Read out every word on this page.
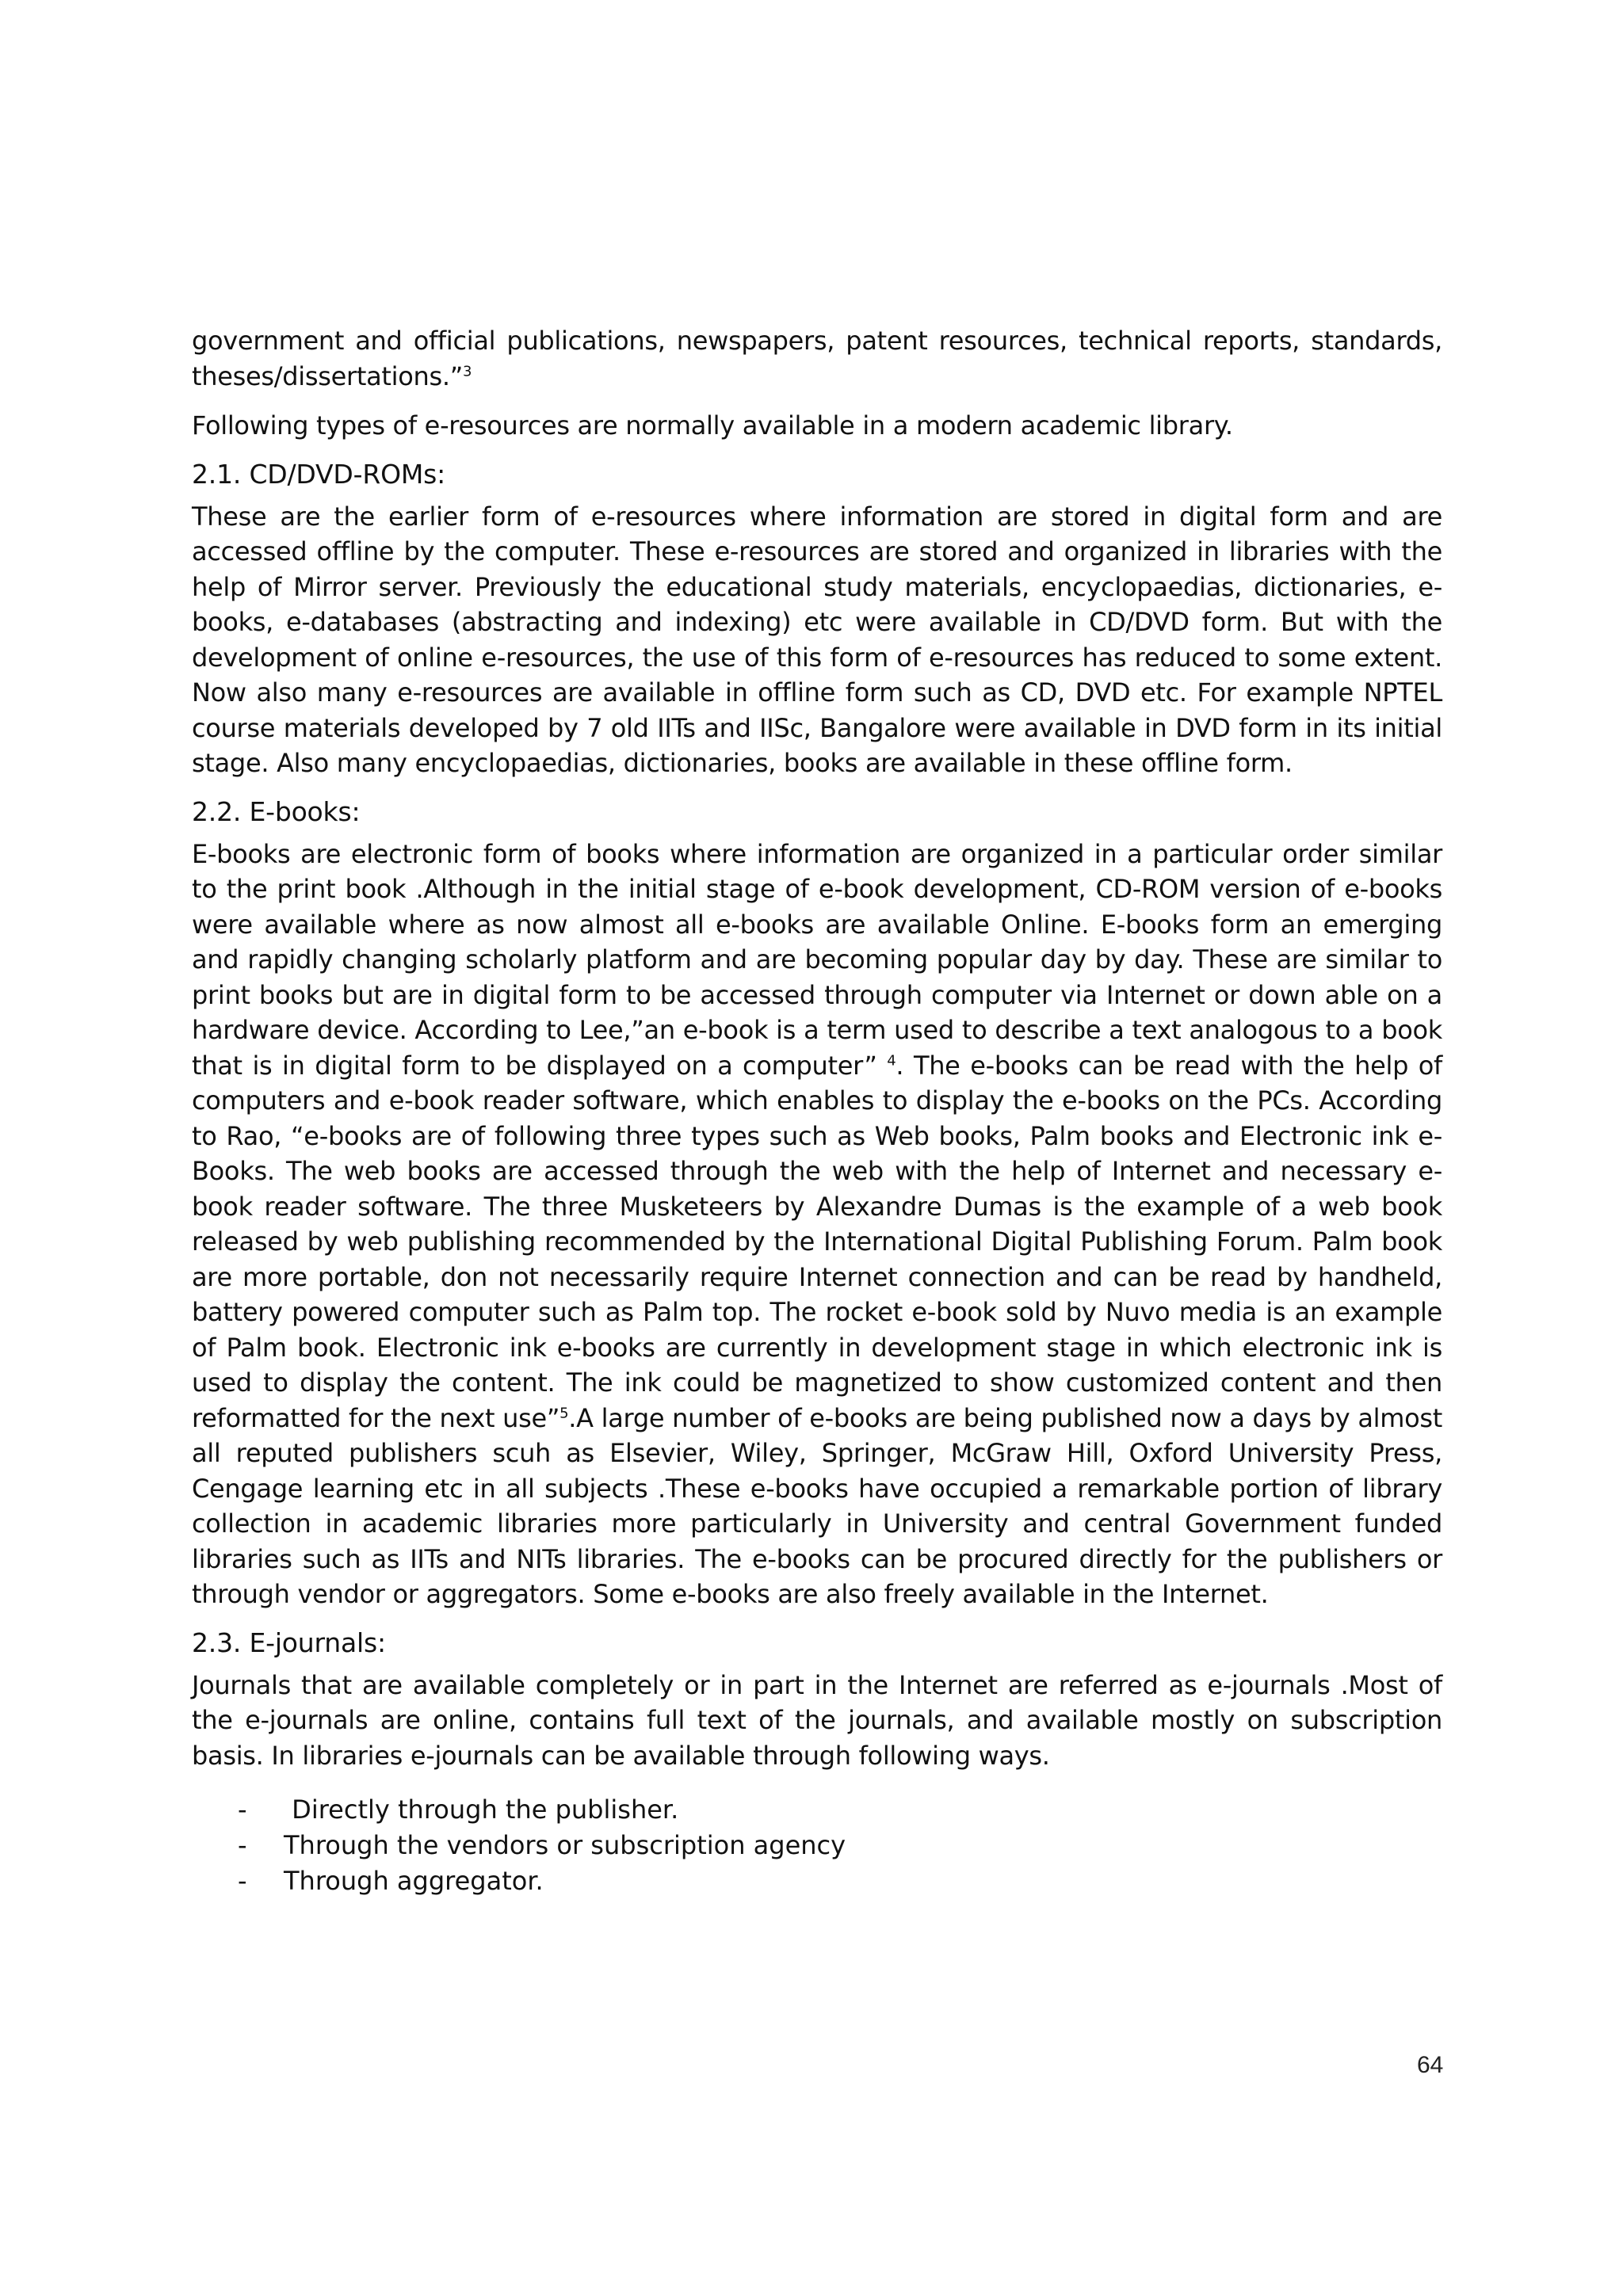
government and official publications, newspapers, patent resources, technical reports, standards, theses/dissertations.”$^3$

Following types of e-resources are normally available in a modern academic library.

2.1. CD/DVD-ROMs:

These are the earlier form of e-resources where information are stored in digital form and are accessed offline by the computer. These e-resources are stored and organized in libraries with the help of Mirror server. Previously the educational study materials, encyclopaedias, dictionaries, e-books, e-databases (abstracting and indexing) etc were available in CD/DVD form. But with the development of online e-resources, the use of this form of e-resources has reduced to some extent. Now also many e-resources are available in offline form such as CD, DVD etc. For example NPTEL course materials developed by 7 old IITs and IISc, Bangalore were available in DVD form in its initial stage. Also many encyclopaedias, dictionaries, books are available in these offline form.

2.2. E-books:

E-books are electronic form of books where information are organized in a particular order similar to the print book .Although in the initial stage of e-book development, CD-ROM version of e-books were available where as now almost all e-books are available Online. E-books form an emerging and rapidly changing scholarly platform and are becoming popular day by day. These are similar to print books but are in digital form to be accessed through computer via Internet or down able on a hardware device. According to Lee,”an e-book is a term used to describe a text analogous to a book that is in digital form to be displayed on a computer” $^4$. The e-books can be read with the help of computers and e-book reader software, which enables to display the e-books on the PCs. According to Rao, “e-books are of following three types such as Web books, Palm books and Electronic ink e-Books. The web books are accessed through the web with the help of Internet and necessary e-book reader software. The three Musketeers by Alexandre Dumas is the example of a web book released by web publishing recommended by the International Digital Publishing Forum. Palm book are more portable, don not necessarily require Internet connection and can be read by handheld, battery powered computer such as Palm top. The rocket e-book sold by Nuvo media is an example of Palm book. Electronic ink e-books are currently in development stage in which electronic ink is used to display the content. The ink could be magnetized to show customized content and then reformatted for the next use”$^5$.A large number of e-books are being published now a days by almost all reputed publishers scuh as Elsevier, Wiley, Springer, McGraw Hill, Oxford University Press, Cengage learning etc in all subjects .These e-books have occupied a remarkable portion of library collection in academic libraries more particularly in University and central Government funded libraries such as IITs and NITs libraries. The e-books can be procured directly for the publishers or through vendor or aggregators. Some e-books are also freely available in the Internet.

2.3. E-journals:

Journals that are available completely or in part in the Internet are referred as e-journals .Most of the e-journals are online, contains full text of the journals, and available mostly on subscription basis. In libraries e-journals can be available through following ways.

- Directly through the publisher.
- Through the vendors or subscription agency
- Through aggregator.
64
